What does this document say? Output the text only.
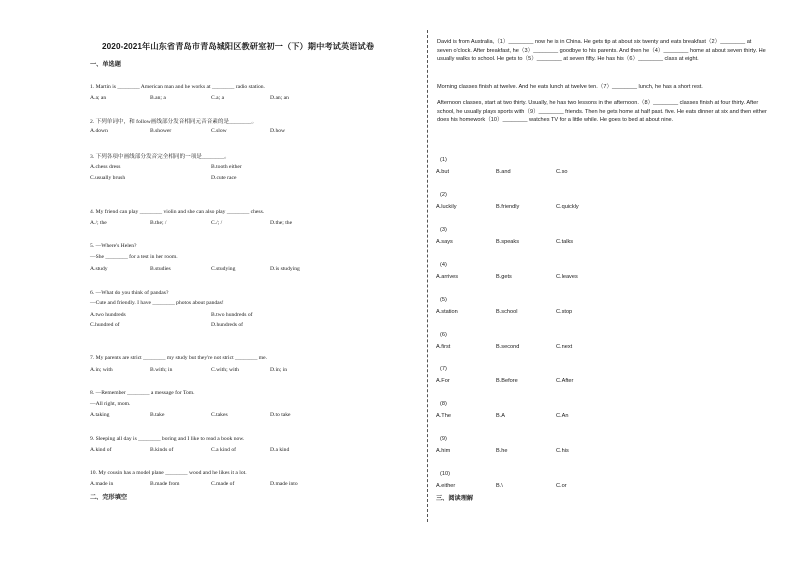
2020-2021年山东省青岛市青岛城阳区教研室初一（下）期中考试英语试卷
一、单选题
1. Martin is ________ American man and he works at ________ radio station.
A.a; an	B.an; a	C.a; a	D.an; an
2. 下列单词中，和 follow画线部分发音相同元音音素的是________。
A.down	B.shower	C.slow	D.how
3. 下列各项中画线部分发音完全相同的一项是________。
A.chess dress	B.tooth either
C.usually brush	D.cute race
4. My friend can play ________ violin and she can also play ________ chess.
A./; the	B.the; /	C./; /	D.the; the
5. —Where's Helen?
—She ________ for a test in her room.
A.study	B.studies	C.studying	D.is studying
6. —What do you think of pandas?
—Cute and friendly. I have ________ photos about pandas!
A.two hundreds	B.two hundreds of
C.hundred of	D.hundreds of
7. My parents are strict ________ my study but they're not strict ________ me.
A.in; with	B.with; in	C.with; with	D.in; in
8. —Remember ________ a message for Tom.
—All right, mom.
A.taking	B.take	C.takes	D.to take
9. Sleeping all day is ________ boring and I like to read a book now.
A.kind of	B.kinds of	C.a kind of	D.a kind
10. My cousin has a model plane ________ wood and he likes it a lot.
A.made in	B.made from	C.made of	D.made into
二、完形填空
David is from Australia,（1）________ now he is in China. He gets tip at about six twenty and eats breakfast（2）________ at seven o'clock. After breakfast, he（3）________ goodbye to his parents. And then he（4）________ home at about seven thirty. He usually walks to school. He gets to（5）________ at seven fifty. He has his（6）________ class at eight.
Morning classes finish at twelve. And he eats lunch at twelve ten.（7）________ lunch, he has a short rest.
Afternoon classes, start at two thirty. Usually, he has two lessons in the afternoon.（8）________ classes finish at four thirty. After school, he usually plays sports with（9）________ friends. Then he gets home at half past. five. He eats dinner at six and then either does his homework（10）________ watches TV for a little while. He goes to bed at about nine.
(1)
A.but	B.and	C.so
(2)
A.luckily	B.friendly	C.quickly
(3)
A.says	B.speaks	C.talks
(4)
A.arrives	B.gets	C.leaves
(5)
A.station	B.school	C.stop
(6)
A.first	B.second	C.next
(7)
A.For	B.Before	C.After
(8)
A.The	B.A	C.An
(9)
A.him	B.he	C.his
(10)
A.either	B.\	C.or
三、阅读理解
